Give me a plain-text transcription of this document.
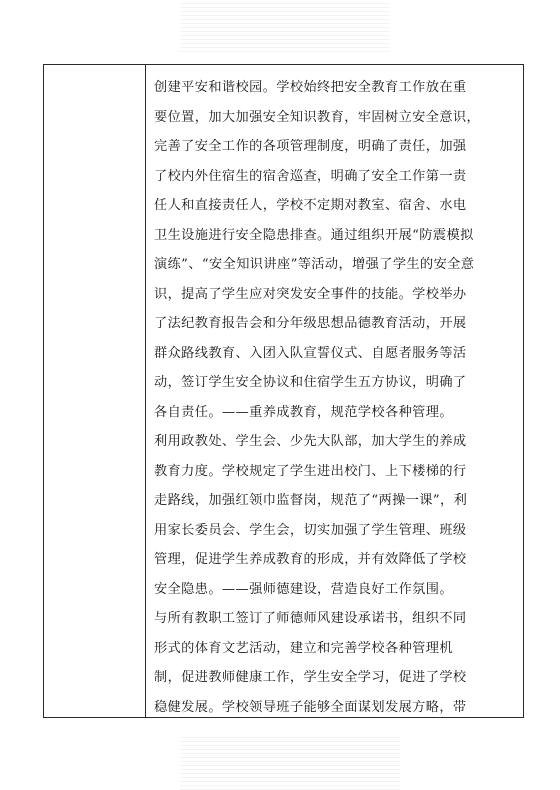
创建平安和谐校园。学校始终把安全教育工作放在重
要位置，加大加强安全知识教育，牢固树立安全意识，
完善了安全工作的各项管理制度，明确了责任，加强
了校内外住宿生的宿舍巡查，明确了安全工作第一责
任人和直接责任人，学校不定期对教室、宿舍、水电
卫生设施进行安全隐患排查。通过组织开展“防震模拟
演练”、“安全知识讲座”等活动，增强了学生的安全意
识，提高了学生应对突发安全事件的技能。学校举办
了法纪教育报告会和分年级思想品德教育活动，开展
群众路线教育、入团入队宣誓仪式、自愿者服务等活
动，签订学生安全协议和住宿学生五方协议，明确了
各自责任。——重养成教育，规范学校各种管理。
利用政教处、学生会、少先大队部，加大学生的养成
教育力度。学校规定了学生进出校门、上下楼梯的行
走路线，加强红领巾监督岗，规范了“两操一课”，利
用家长委员会、学生会，切实加强了学生管理、班级
管理，促进学生养成教育的形成，并有效降低了学校
安全隐患。——强师德建设，营造良好工作氛围。
与所有教职工签订了师德师风建设承诺书，组织不同
形式的体育文艺活动，建立和完善学校各种管理机
制，促进教师健康工作，学生安全学习，促进了学校
稳健发展。学校领导班子能够全面谋划发展方略，带
